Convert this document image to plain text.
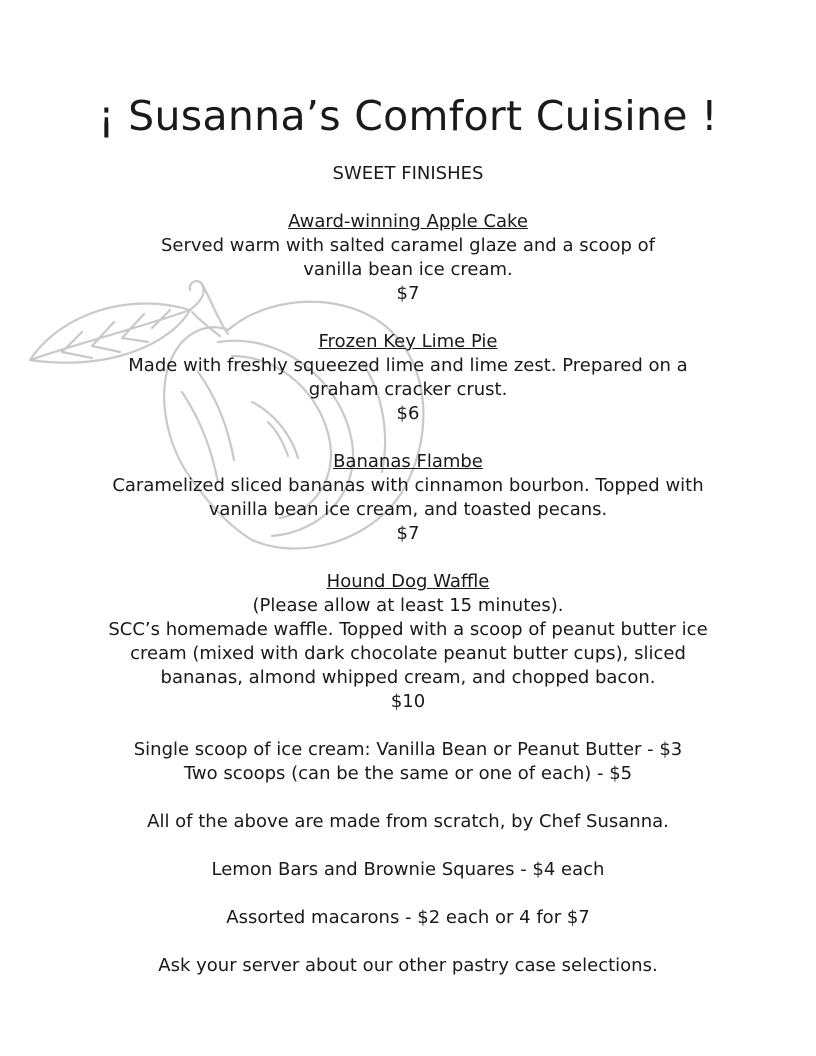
¡ Susanna’s Comfort Cuisine !

SWEET FINISHES

Award-winning Apple Cake
Served warm with salted caramel glaze and a scoop of
vanilla bean ice cream.
$7
Frozen Key Lime Pie
Made with freshly squeezed lime and lime zest. Prepared on a
graham cracker crust.
$6
Bananas Flambe
Caramelized sliced bananas with cinnamon bourbon. Topped with
vanilla bean ice cream, and toasted pecans.
$7
Hound Dog Waffle
(Please allow at least 15 minutes).
SCC’s homemade waffle. Topped with a scoop of peanut butter ice
cream (mixed with dark chocolate peanut butter cups), sliced
bananas, almond whipped cream, and chopped bacon.
$10
Single scoop of ice cream: Vanilla Bean or Peanut Butter - $3
Two scoops (can be the same or one of each) - $5
All of the above are made from scratch, by Chef Susanna.
Lemon Bars and Brownie Squares - $4 each
Assorted macarons - $2 each or 4 for $7
Ask your server about our other pastry case selections.
